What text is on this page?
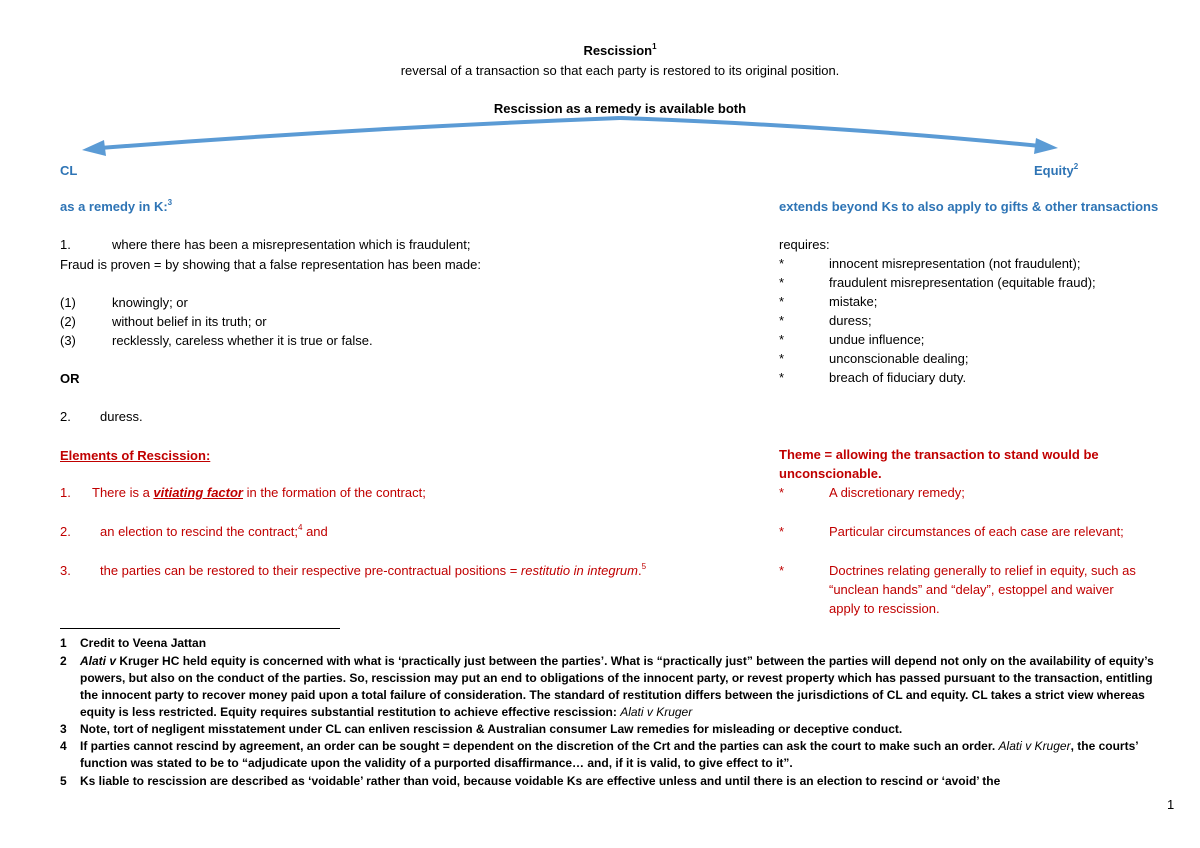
Rescission$^1$
reversal of a transaction so that each party is restored to its original position.
Rescission as a remedy is available both
CL
as a remedy in K:$^3$
1.	where there has been a misrepresentation which is fraudulent;
Fraud is proven = by showing that a false representation has been made:
(1)	knowingly; or
(2)	without belief in its truth; or
(3)	recklessly, careless whether it is true or false.
OR
2. duress.
Elements of Rescission:
1. There is a vitiating factor in the formation of the contract;
2. an election to rescind the contract;$^4$ and
3. the parties can be restored to their respective pre-contractual positions = restitutio in integrum.$^5$
Equity$^2$
extends beyond Ks to also apply to gifts & other transactions
requires:
*	innocent misrepresentation (not fraudulent);
*	fraudulent misrepresentation (equitable fraud);
*	mistake;
*	duress;
*	undue influence;
*	unconscionable dealing;
*	breach of fiduciary duty.
Theme = allowing the transaction to stand would be
unconscionable.
*	A discretionary remedy;
*	Particular circumstances of each case are relevant;
*	Doctrines relating generally to relief in equity, such as
“unclean hands” and “delay”, estoppel and waiver
apply to rescission.
1 Credit to Veena Jattan
2 Alati v Kruger HC held equity is concerned with what is ‘practically just between the parties’. What is “practically just” between the parties will depend not only on the availability of equity’s
powers, but also on the conduct of the parties. So, rescission may put an end to obligations of the innocent party, or revest property which has passed pursuant to the transaction, entitling
the innocent party to recover money paid upon a total failure of consideration. The standard of restitution differs between the jurisdictions of CL and equity. CL takes a strict view whereas
equity is less restricted. Equity requires substantial restitution to achieve effective rescission: Alati v Kruger
3 Note, tort of negligent misstatement under CL can enliven rescission & Australian consumer Law remedies for misleading or deceptive conduct.
4 If parties cannot rescind by agreement, an order can be sought = dependent on the discretion of the Crt and the parties can ask the court to make such an order. Alati v Kruger, the courts’
function was stated to be to “adjudicate upon the validity of a purported disaffirmance… and, if it is valid, to give effect to it”.
5 Ks liable to rescission are described as ‘voidable’ rather than void, because voidable Ks are effective unless and until there is an election to rescind or ‘avoid’ the
1
